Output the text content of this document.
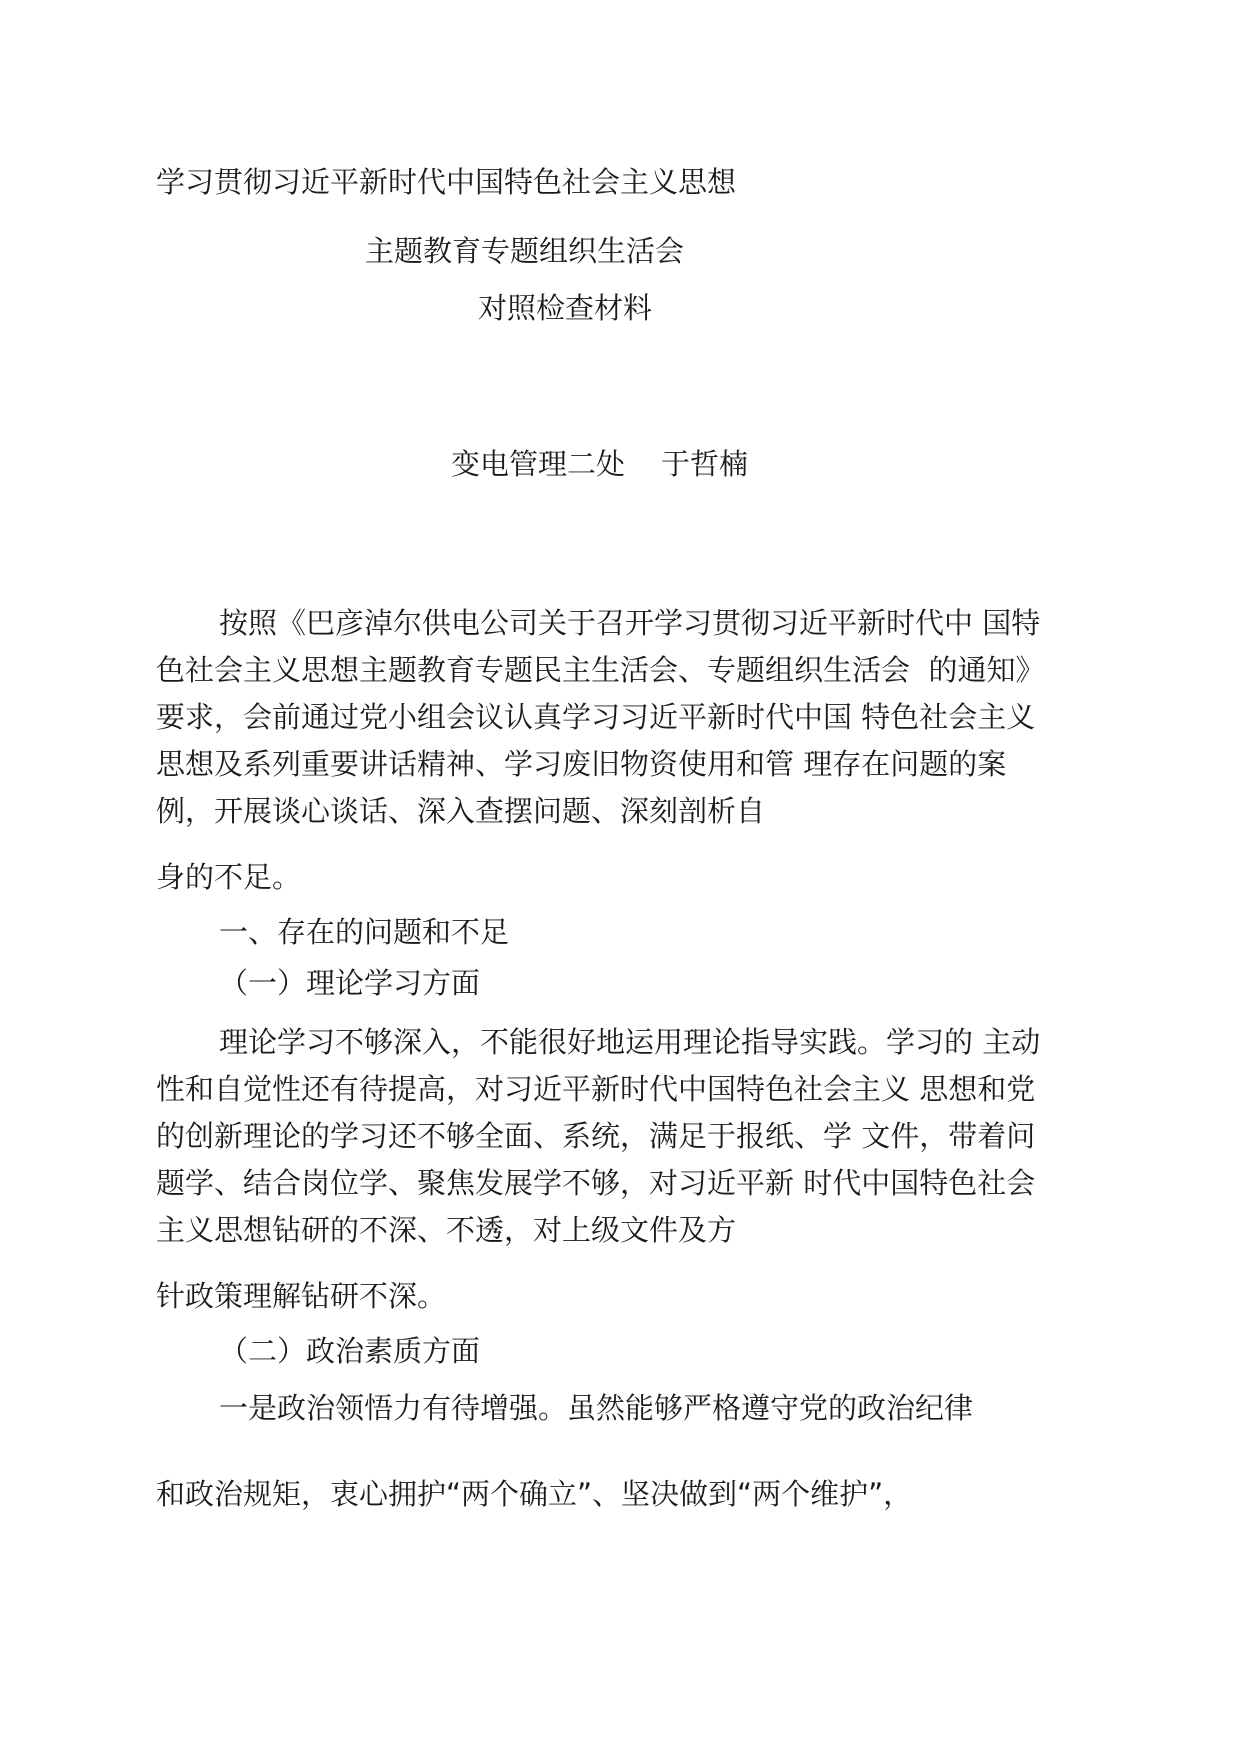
学习贯彻习近平新时代中国特色社会主义思想
主题教育专题组织生活会
对照检查材料
变电管理二处 于哲楠
按照《巴彦淖尔供电公司关于召开学习贯彻习近平新时代中 国特
色社会主义思想主题教育专题民主生活会、专题组织生活会  的通知》
要求，会前通过党小组会议认真学习习近平新时代中国 特色社会主义
思想及系列重要讲话精神、学习废旧物资使用和管 理存在问题的案
例，开展谈心谈话、深入查摆问题、深刻剖析自
身的不足。
一、存在的问题和不足
（一）理论学习方面
理论学习不够深入，不能很好地运用理论指导实践。学习的 主动
性和自觉性还有待提高，对习近平新时代中国特色社会主义 思想和党
的创新理论的学习还不够全面、系统，满足于报纸、学 文件，带着问
题学、结合岗位学、聚焦发展学不够，对习近平新 时代中国特色社会
主义思想钻研的不深、不透，对上级文件及方
针政策理解钻研不深。
（二）政治素质方面
一是政治领悟力有待增强。虽然能够严格遵守党的政治纪律
和政治规矩，衷心拥护“两个确立”、坚决做到“两个维护”，
